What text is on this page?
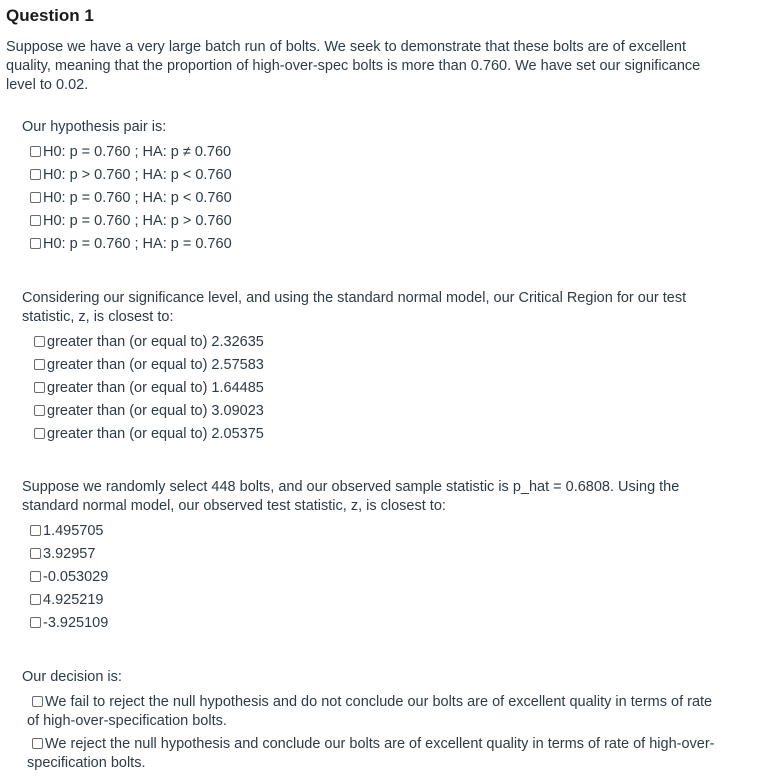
Question 1

Suppose we have a very large batch run of bolts. We seek to demonstrate that these bolts are of excellent quality, meaning that the proportion of high-over-spec bolts is more than 0.760. We have set our significance level to 0.02.

Our hypothesis pair is:

H0: p = 0.760 ; HA: p ≠ 0.760
H0: p > 0.760 ; HA: p < 0.760
H0: p = 0.760 ; HA: p < 0.760
H0: p = 0.760 ; HA: p > 0.760
H0: p = 0.760 ; HA: p = 0.760

Considering our significance level, and using the standard normal model, our Critical Region for our test statistic, z, is closest to:

greater than (or equal to) 2.32635
greater than (or equal to) 2.57583
greater than (or equal to) 1.64485
greater than (or equal to) 3.09023
greater than (or equal to) 2.05375

Suppose we randomly select 448 bolts, and our observed sample statistic is p_hat = 0.6808. Using the standard normal model, our observed test statistic, z, is closest to:

1.495705
3.92957
-0.053029
4.925219
-3.925109

Our decision is:

We fail to reject the null hypothesis and do not conclude our bolts are of excellent quality in terms of rate of high-over-specification bolts.
We reject the null hypothesis and conclude our bolts are of excellent quality in terms of rate of high-over-specification bolts.
